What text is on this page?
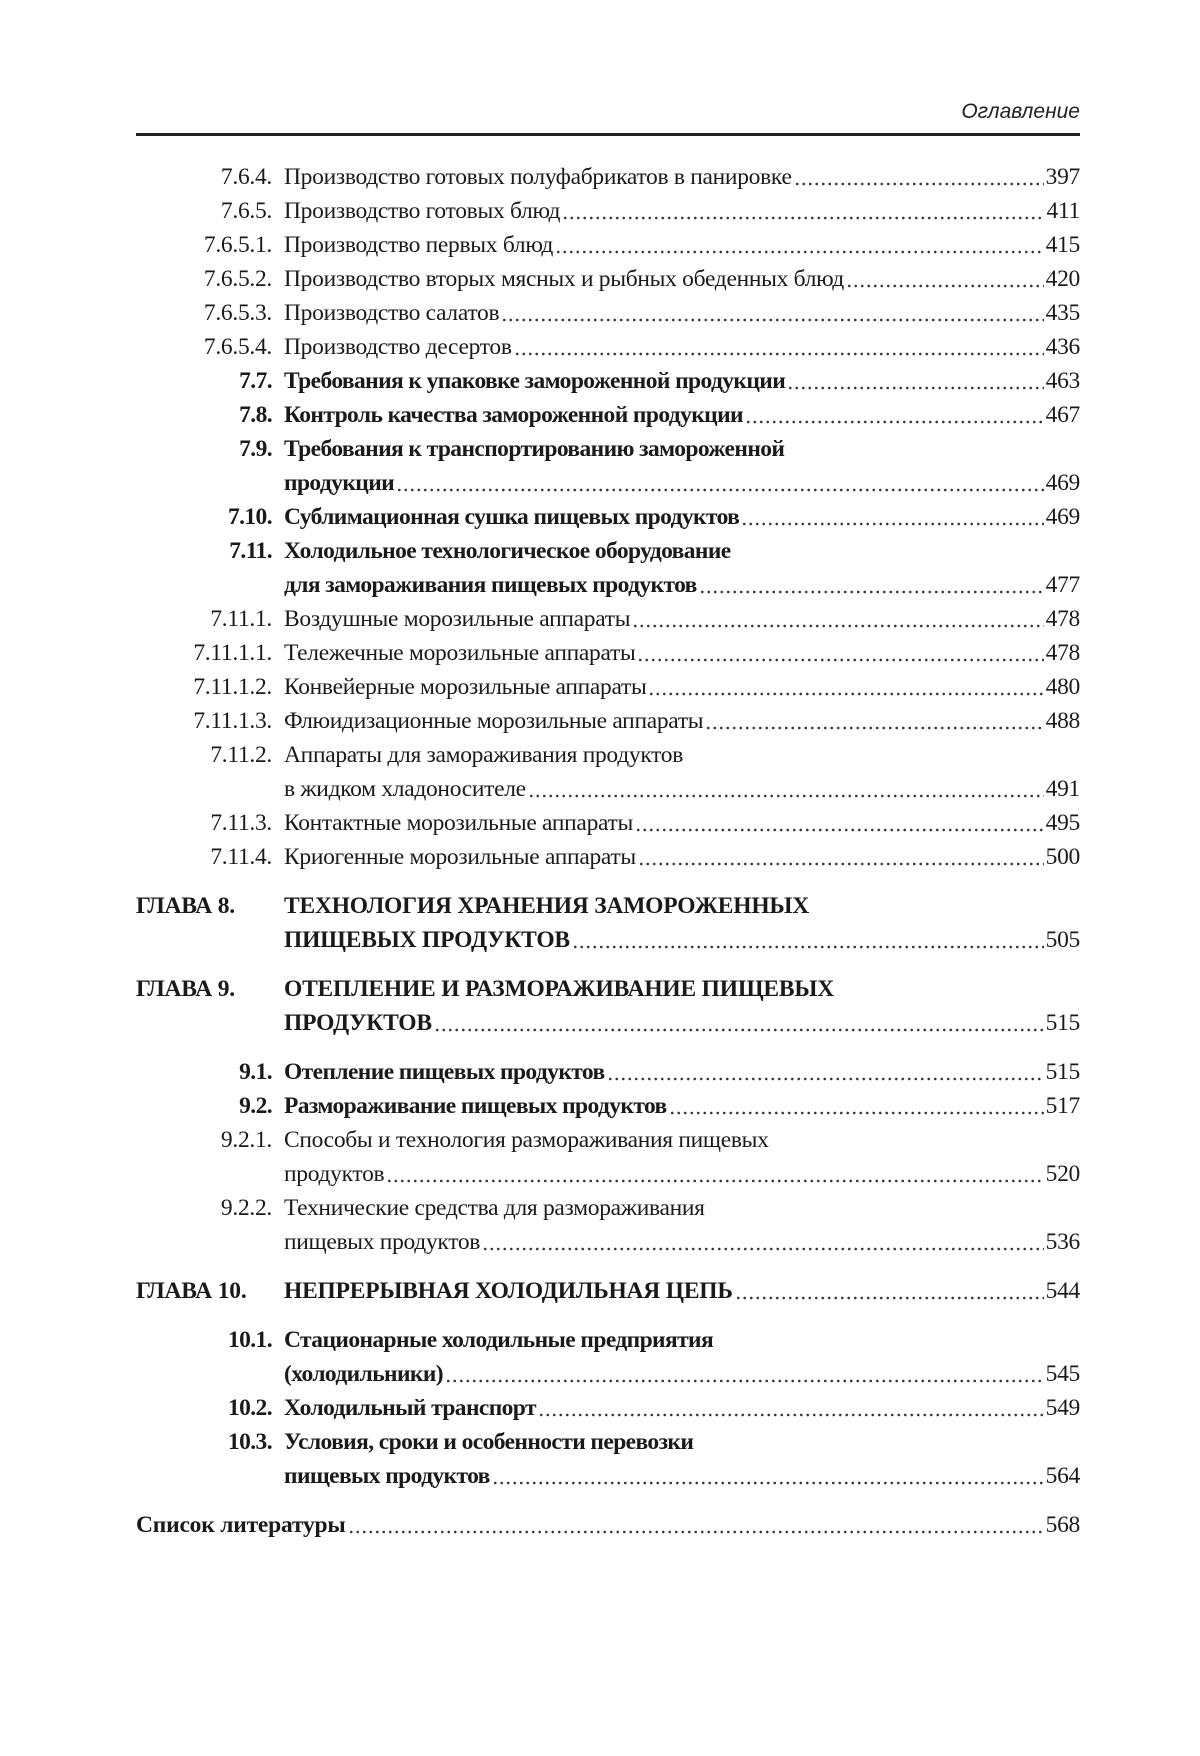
Оглавление
7.6.4. Производство готовых полуфабрикатов в панировке	397
7.6.5. Производство готовых блюд	411
7.6.5.1. Производство первых блюд	415
7.6.5.2. Производство вторых мясных и рыбных обеденных блюд	420
7.6.5.3. Производство салатов	435
7.6.5.4. Производство десертов	436
7.7. Требования к упаковке замороженной продукции	463
7.8. Контроль качества замороженной продукции	467
7.9. Требования к транспортированию замороженной
продукции	469
7.10. Сублимационная сушка пищевых продуктов	469
7.11. Холодильное технологическое оборудование
для замораживания пищевых продуктов	477
7.11.1. Воздушные морозильные аппараты	478
7.11.1.1. Тележечные морозильные аппараты	478
7.11.1.2. Конвейерные морозильные аппараты	480
7.11.1.3. Флюидизационные морозильные аппараты	488
7.11.2. Аппараты для замораживания продуктов
в жидком хладоносителе	491
7.11.3. Контактные морозильные аппараты	495
7.11.4. Криогенные морозильные аппараты	500
ГЛАВА 8.	ТЕХНОЛОГИЯ ХРАНЕНИЯ ЗАМОРОЖЕННЫХ
ПИЩЕВЫХ ПРОДУКТОВ	505
ГЛАВА 9.	ОТЕПЛЕНИЕ И РАЗМОРАЖИВАНИЕ ПИЩЕВЫХ
ПРОДУКТОВ	515
9.1. Отепление пищевых продуктов	515
9.2. Размораживание пищевых продуктов	517
9.2.1. Способы и технология размораживания пищевых
продуктов	520
9.2.2. Технические средства для размораживания
пищевых продуктов	536
ГЛАВА 10.	НЕПРЕРЫВНАЯ ХОЛОДИЛЬНАЯ ЦЕПЬ	544
10.1. Стационарные холодильные предприятия
(холодильники)	545
10.2. Холодильный транспорт	549
10.3. Условия, сроки и особенности перевозки
пищевых продуктов	564
Список литературы	568
